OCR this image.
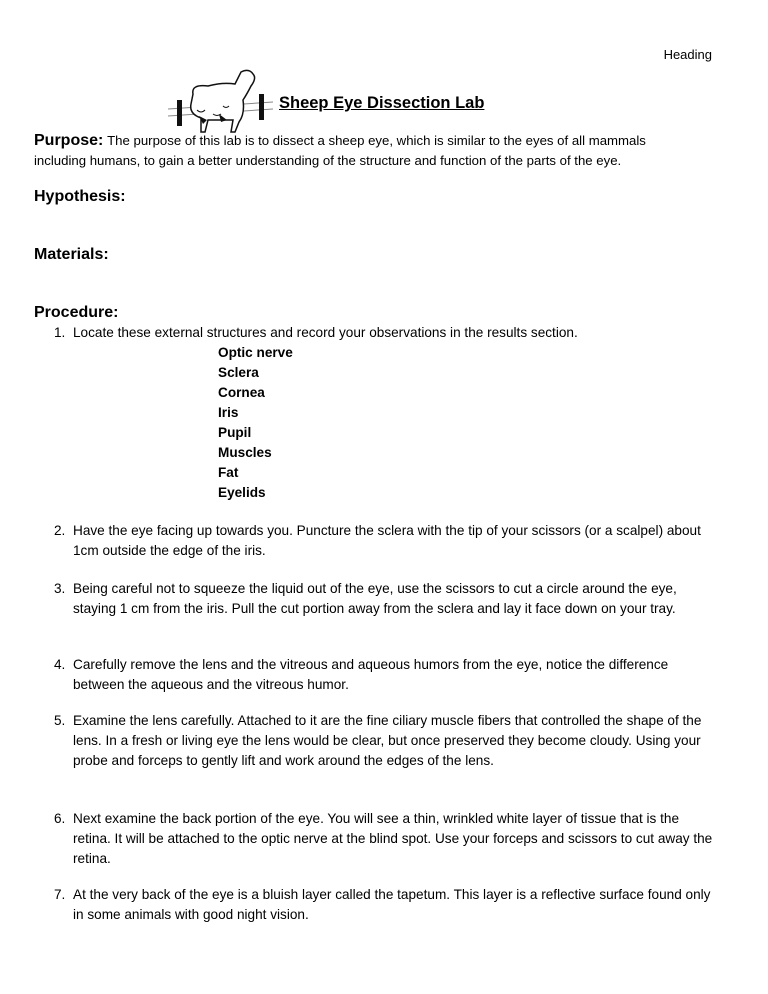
Heading
Sheep Eye Dissection Lab
Purpose: The purpose of this lab is to dissect a sheep eye, which is similar to the eyes of all mammals
including humans, to gain a better understanding of the structure and function of the parts of the eye.
Hypothesis:
Materials:
Procedure:
1. Locate these external structures and record your observations in the results section.
Optic nerve
Sclera
Cornea
Iris
Pupil
Muscles
Fat
Eyelids
2. Have the eye facing up towards you. Puncture the sclera with the tip of your scissors (or a scalpel) about 1cm outside the edge of the iris.
3. Being careful not to squeeze the liquid out of the eye, use the scissors to cut a circle around the eye, staying 1 cm from the iris. Pull the cut portion away from the sclera and lay it face down on your tray.
4. Carefully remove the lens and the vitreous and aqueous humors from the eye, notice the difference between the aqueous and the vitreous humor.
5. Examine the lens carefully. Attached to it are the fine ciliary muscle fibers that controlled the shape of the lens. In a fresh or living eye the lens would be clear, but once preserved they become cloudy. Using your probe and forceps to gently lift and work around the edges of the lens.
6. Next examine the back portion of the eye. You will see a thin, wrinkled white layer of tissue that is the retina. It will be attached to the optic nerve at the blind spot. Use your forceps and scissors to cut away the retina.
7. At the very back of the eye is a bluish layer called the tapetum. This layer is a reflective surface found only in some animals with good night vision.
